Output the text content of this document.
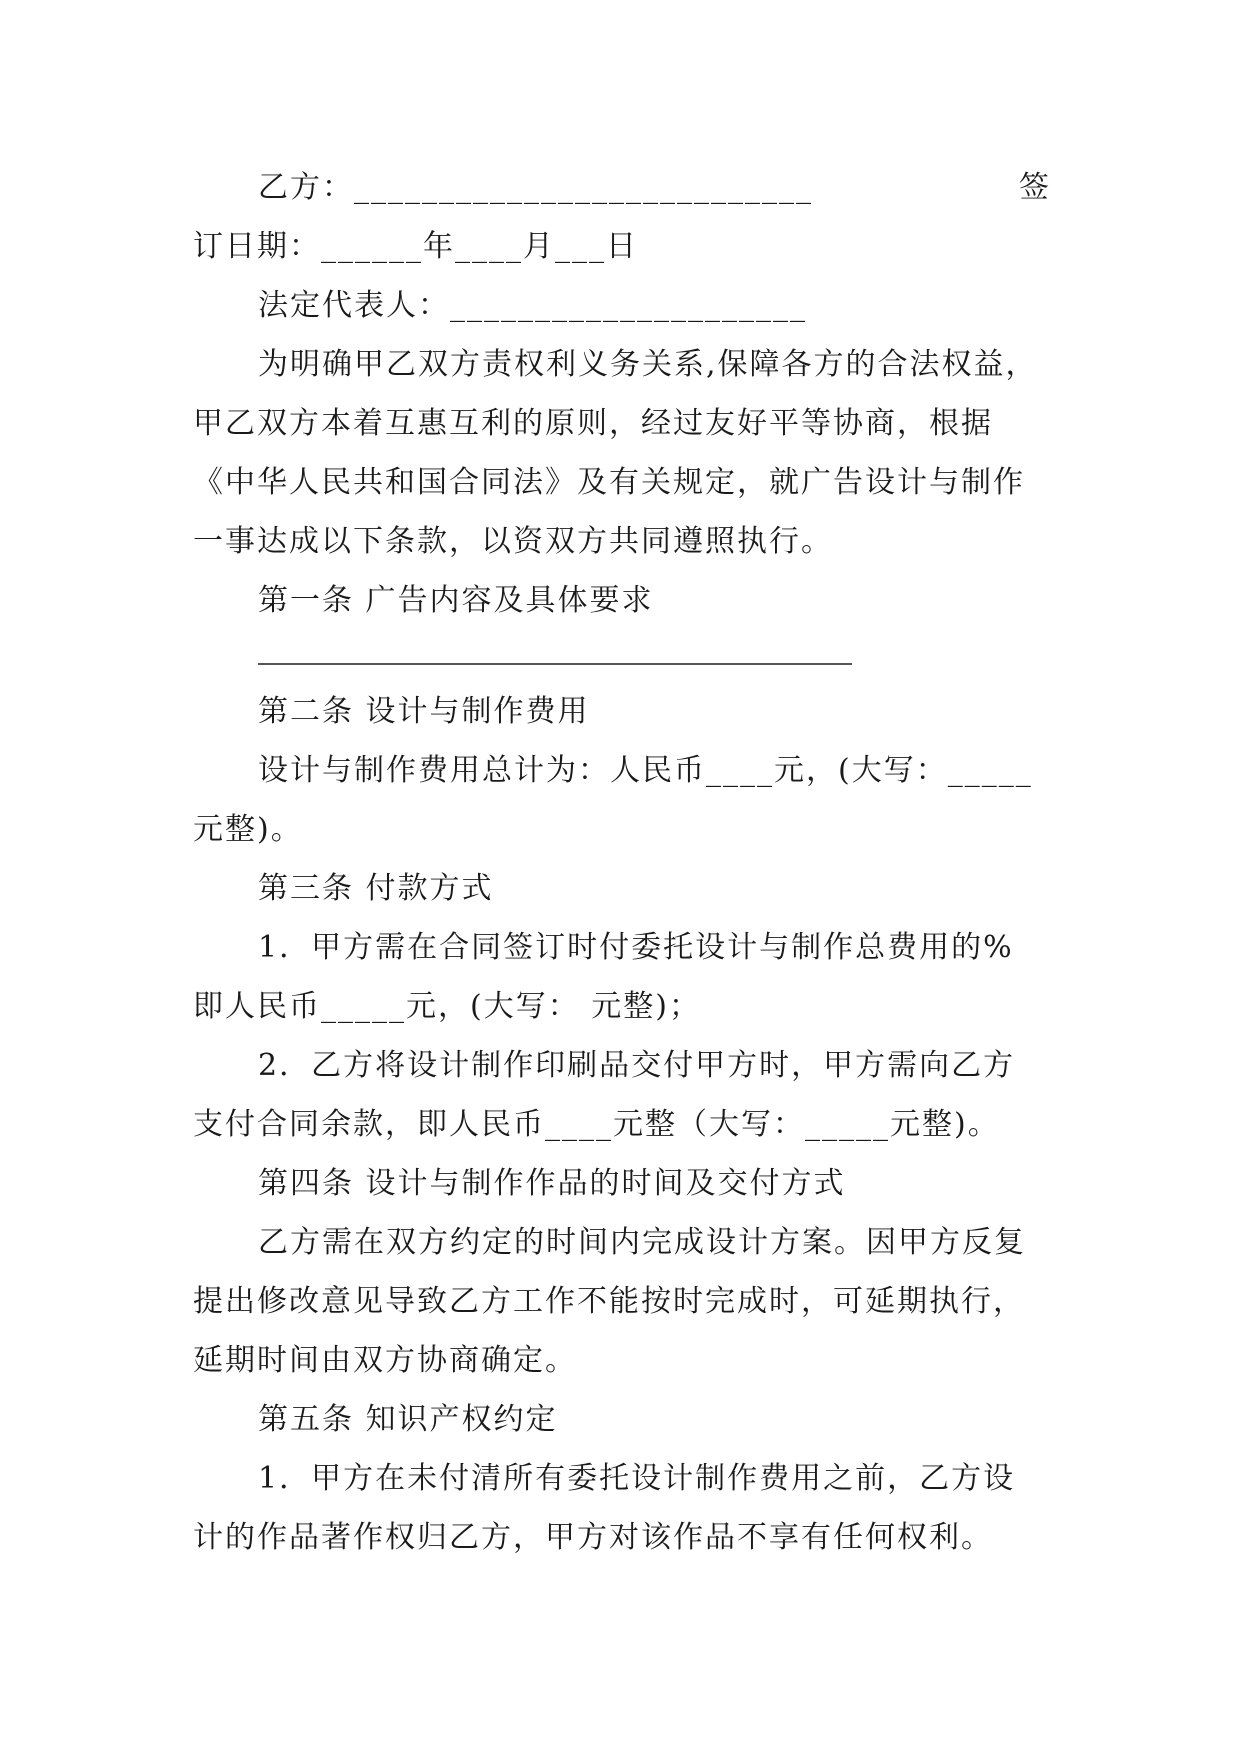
乙方：___________________________	签
订日期：______年____月___日
法定代表人：_____________________
为明确甲乙双方责权利义务关系,保障各方的合法权益，
甲乙双方本着互惠互利的原则，经过友好平等协商，根据
《中华人民共和国合同法》及有关规定，就广告设计与制作
一事达成以下条款，以资双方共同遵照执行。
第一条 广告内容及具体要求
第二条 设计与制作费用
设计与制作费用总计为：人民币____元，(大写：_____
元整)。
第三条 付款方式
1．甲方需在合同签订时付委托设计与制作总费用的%
即人民币_____元，(大写： 元整)；
2．乙方将设计制作印刷品交付甲方时，甲方需向乙方
支付合同余款，即人民币____元整（大写：_____元整)。
第四条 设计与制作作品的时间及交付方式
乙方需在双方约定的时间内完成设计方案。因甲方反复
提出修改意见导致乙方工作不能按时完成时，可延期执行，
延期时间由双方协商确定。
第五条 知识产权约定
1．甲方在未付清所有委托设计制作费用之前，乙方设
计的作品著作权归乙方，甲方对该作品不享有任何权利。
